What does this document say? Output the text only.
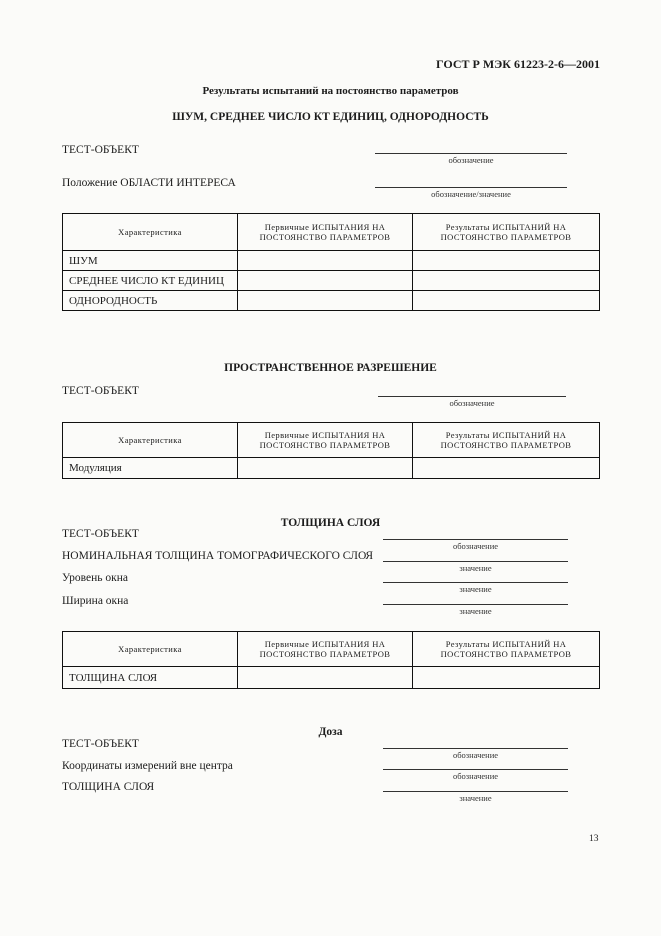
ГОСТ Р МЭК 61223-2-6—2001
Результаты испытаний на постоянство параметров
ШУМ, СРЕДНЕЕ ЧИСЛО КТ ЕДИНИЦ, ОДНОРОДНОСТЬ
ТЕСТ-ОБЪЕКТ
обозначение
Положение ОБЛАСТИ ИНТЕРЕСА
обозначение/значение
Характеристика	Первичные ИСПЫТАНИЯ НА ПОСТОЯНСТВО ПАРАМЕТРОВ	Результаты ИСПЫТАНИЙ НА ПОСТОЯНСТВО ПАРАМЕТРОВ
ШУМ		
СРЕДНЕЕ ЧИСЛО КТ ЕДИНИЦ		
ОДНОРОДНОСТЬ		
ПРОСТРАНСТВЕННОЕ РАЗРЕШЕНИЕ
ТЕСТ-ОБЪЕКТ
обозначение
Характеристика	Первичные ИСПЫТАНИЯ НА ПОСТОЯНСТВО ПАРАМЕТРОВ	Результаты ИСПЫТАНИЙ НА ПОСТОЯНСТВО ПАРАМЕТРОВ
Модуляция		
ТОЛЩИНА СЛОЯ
ТЕСТ-ОБЪЕКТ
обозначение
НОМИНАЛЬНАЯ ТОЛЩИНА ТОМОГРАФИЧЕСКОГО СЛОЯ
значение
Уровень окна
значение
Ширина окна
значение
Характеристика	Первичные ИСПЫТАНИЯ НА ПОСТОЯНСТВО ПАРАМЕТРОВ	Результаты ИСПЫТАНИЙ НА ПОСТОЯНСТВО ПАРАМЕТРОВ
ТОЛЩИНА СЛОЯ		
Доза
ТЕСТ-ОБЪЕКТ
обозначение
Координаты измерений вне центра
обозначение
ТОЛЩИНА СЛОЯ
значение
13
